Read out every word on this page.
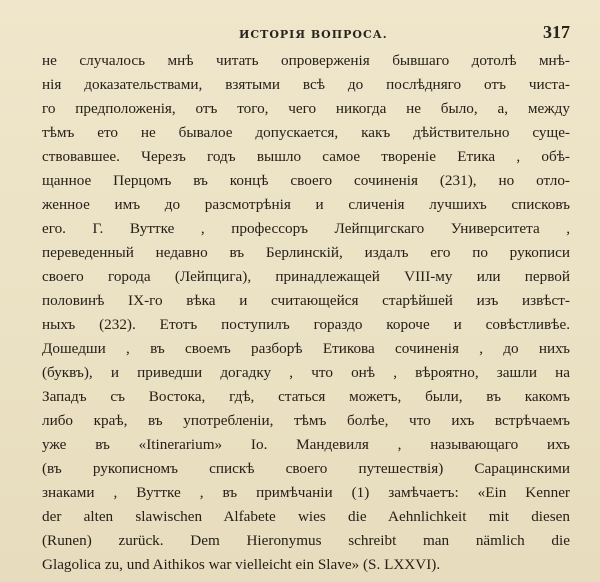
ИСТОРІЯ ВОПРОСА.	317
не случалось мнѣ читать опроверженія бывшаго дотолѣ мнѣ-
нія доказательствами, взятыми всѣ до послѣдняго отъ чиста-
го предположенія, отъ того, чего никогда не было, а, между
тѣмъ ето не бывалое допускается, какъ дѣйствительно суще-
ствовавшее. Черезъ годъ вышло самое твореніе Етика , обѣ-
щанное Перцомъ въ концѣ своего сочиненія (231), но отло-
женное имъ до разсмотрѣнія и сличенія лучшихъ списковъ
его. Г. Вуттке , профессоръ Лейпцигскаго Университета ,
переведенный недавно въ Берлинскій, издалъ его по рукописи
своего города (Лейпцига), принадлежащей VIII-му или первой
половинѣ IX-го вѣка и считающейся старѣйшей изъ извѣст-
ныхъ (232). Етотъ поступилъ гораздо короче и совѣстливѣе.
Дошедши , въ своемъ разборѣ Етикова сочиненія , до нихъ
(буквъ), и приведши догадку , что онѣ , вѣроятно, зашли на
Западъ съ Востока, гдѣ, статься можетъ, были, въ какомъ
либо краѣ, въ употребленіи, тѣмъ болѣе, что ихъ встрѣчаемъ
уже въ «Itinerarium» Io. Мандевиля , называющаго ихъ
(въ рукописномъ спискѣ своего путешествія) Сарацинскими
знаками , Вуттке , въ примѣчаніи (1) замѣчаетъ: «Ein Kenner
der alten slawischen Alfabete wies die Aehnlichkeit mit diesen
(Runen) zurück. Dem Hieronymus schreibt man nämlich die
Glagolica zu, und Aithikos war vielleicht ein Slave» (S. LXXVI).
